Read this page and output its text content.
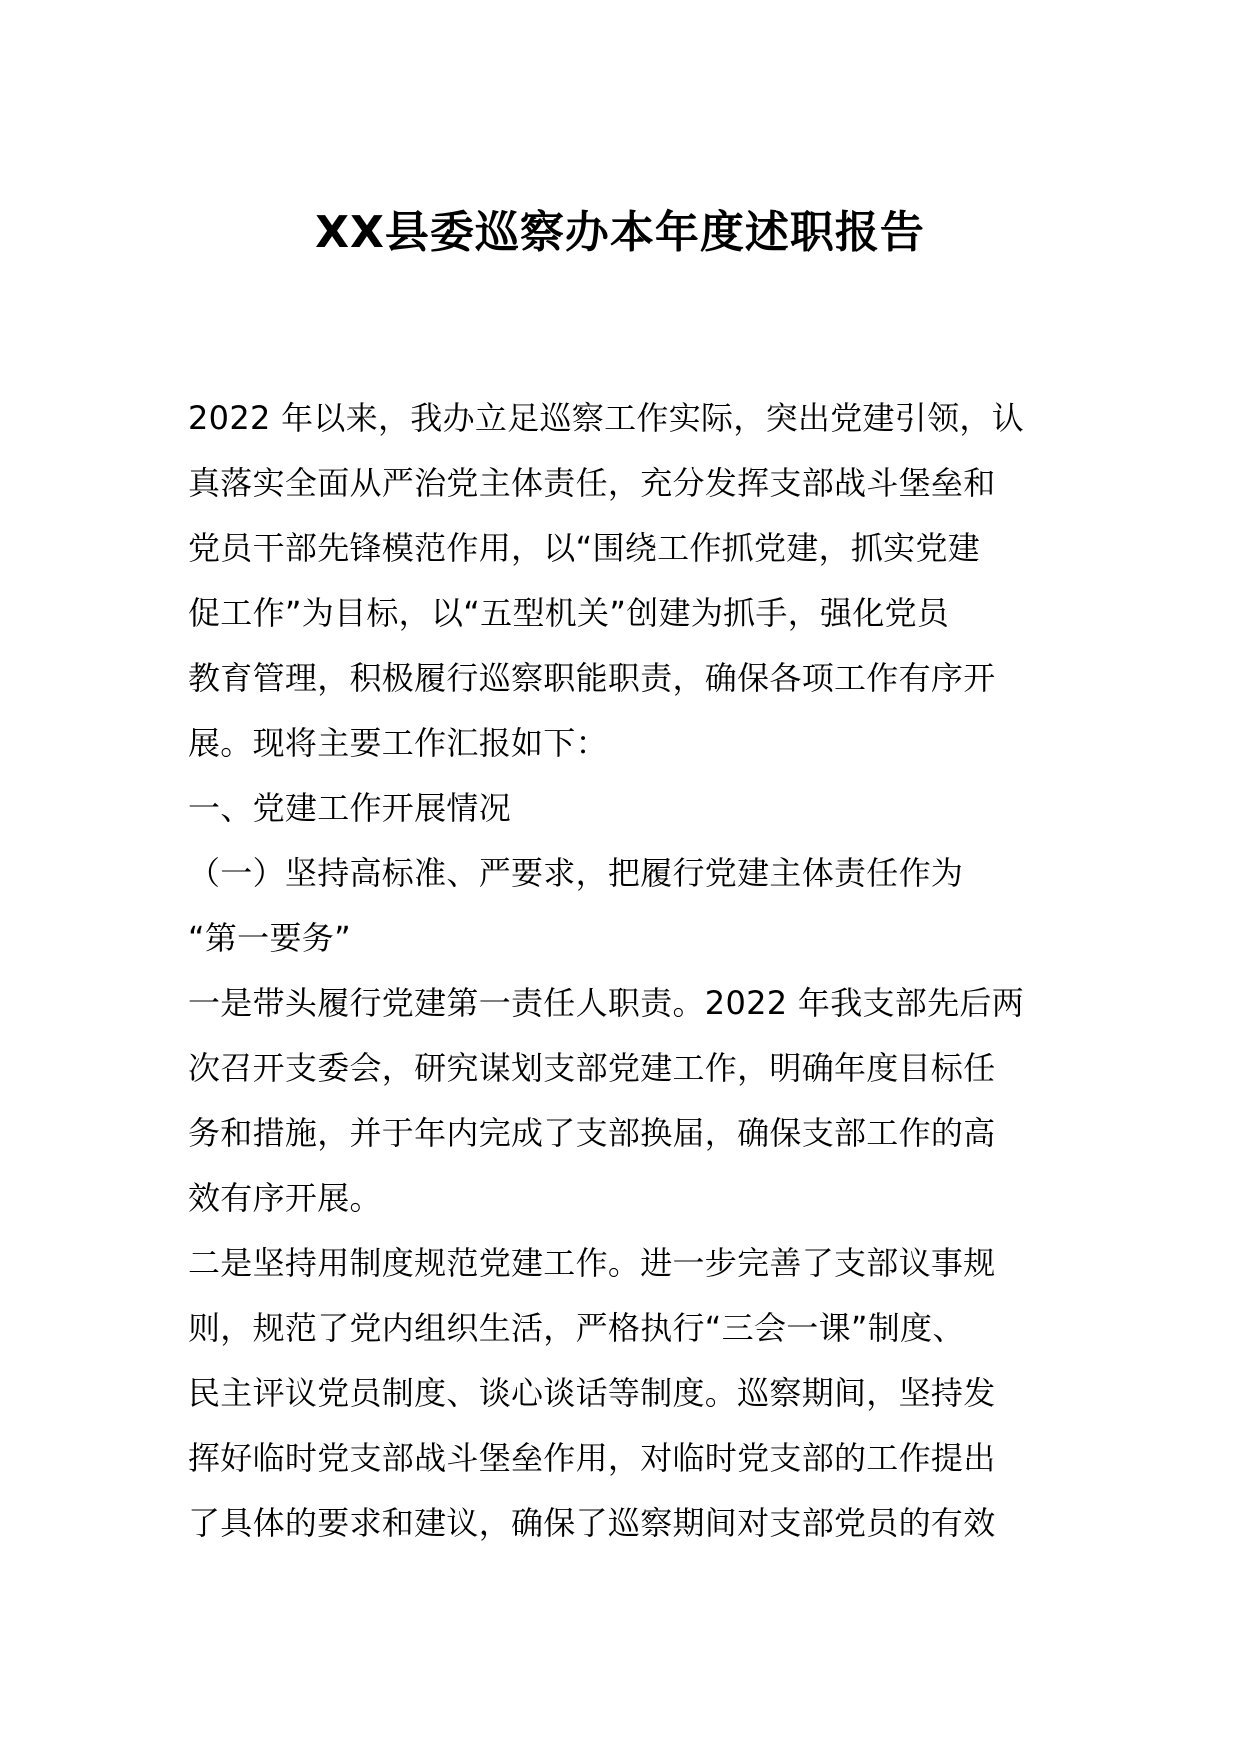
XX县委巡察办本年度述职报告
2022 年以来，我办立足巡察工作实际，突出党建引领，认
真落实全面从严治党主体责任，充分发挥支部战斗堡垒和
党员干部先锋模范作用，以“围绕工作抓党建，抓实党建
促工作”为目标，以“五型机关”创建为抓手，强化党员
教育管理，积极履行巡察职能职责，确保各项工作有序开
展。现将主要工作汇报如下：
一、党建工作开展情况
（一）坚持高标准、严要求，把履行党建主体责任作为
“第一要务”
一是带头履行党建第一责任人职责。2022 年我支部先后两
次召开支委会，研究谋划支部党建工作，明确年度目标任
务和措施，并于年内完成了支部换届，确保支部工作的高
效有序开展。
二是坚持用制度规范党建工作。进一步完善了支部议事规
则，规范了党内组织生活，严格执行“三会一课”制度、
民主评议党员制度、谈心谈话等制度。巡察期间，坚持发
挥好临时党支部战斗堡垒作用，对临时党支部的工作提出
了具体的要求和建议，确保了巡察期间对支部党员的有效
